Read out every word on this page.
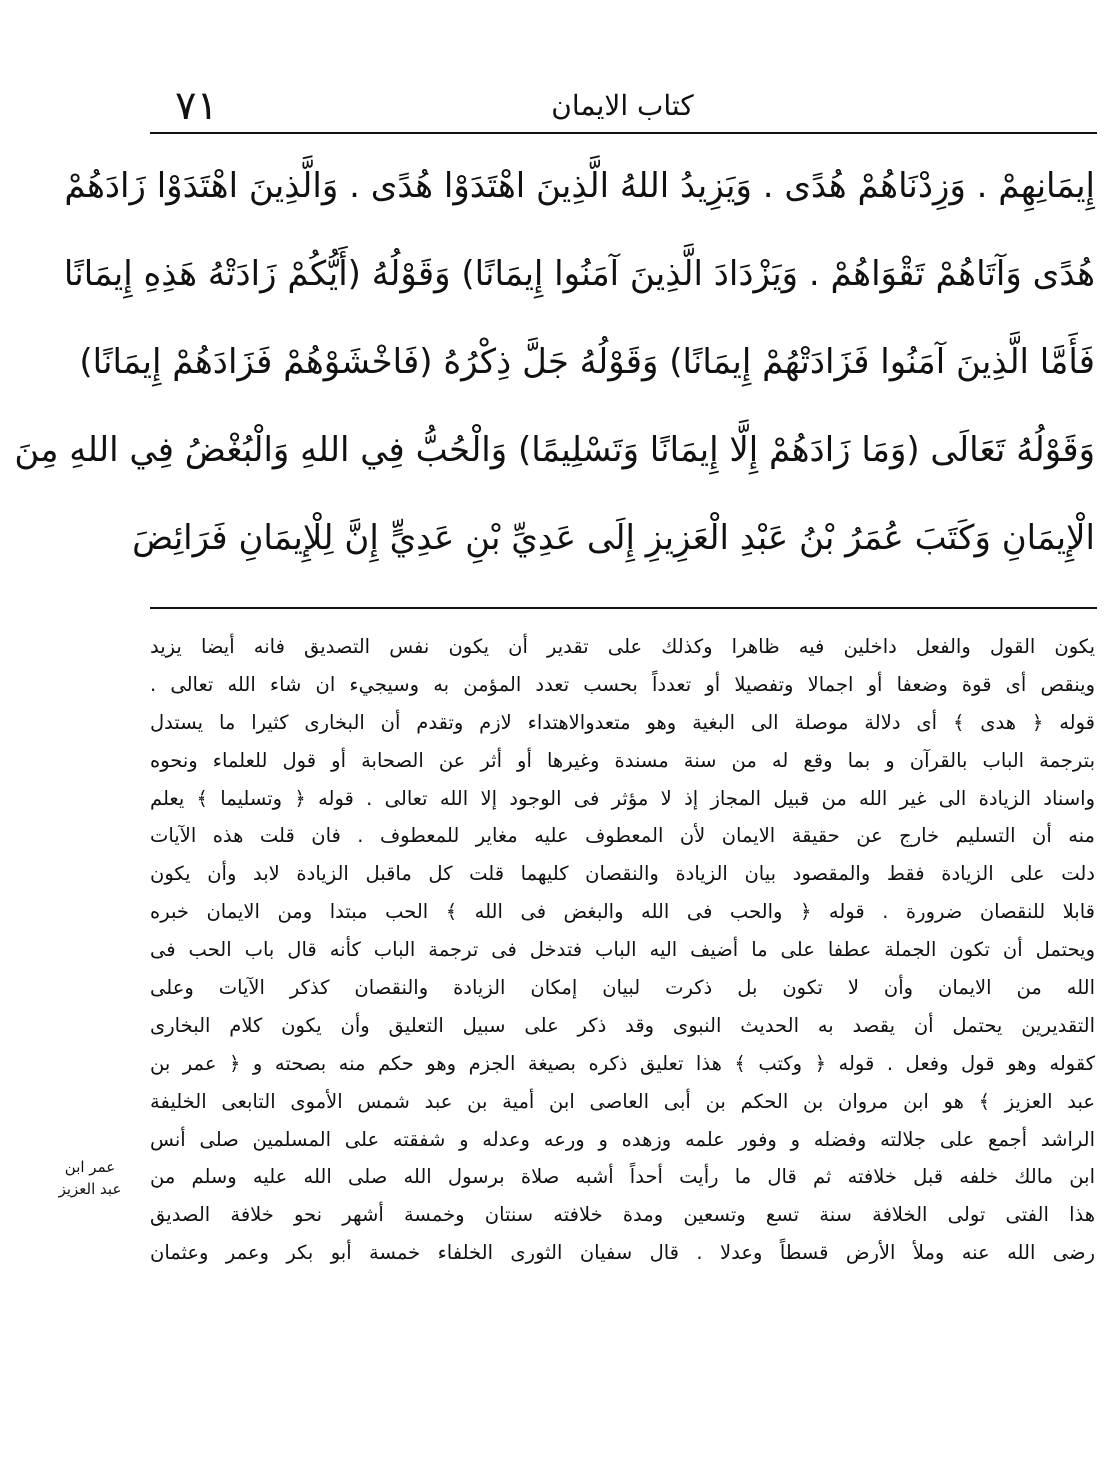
٧١	كتاب الايمان
إِيمَانِهِمْ . وَزِدْنَاهُمْ هُدًى . وَيَزِيدُ اللهُ الَّذِينَ اهْتَدَوْا هُدًى . وَالَّذِينَ اهْتَدَوْا زَادَهُمْ
هُدًى وَآتَاهُمْ تَقْوَاهُمْ . وَيَزْدَادَ الَّذِينَ آمَنُوا إِيمَانًا) وَقَوْلُهُ (أَيُّكُمْ زَادَتْهُ هَذِهِ إِيمَانًا
فَأَمَّا الَّذِينَ آمَنُوا فَزَادَتْهُمْ إِيمَانًا) وَقَوْلُهُ جَلَّ ذِكْرُهُ (فَاخْشَوْهُمْ فَزَادَهُمْ إِيمَانًا)
وَقَوْلُهُ تَعَالَى (وَمَا زَادَهُمْ إِلَّا إِيمَانًا وَتَسْلِيمًا) وَالْحُبُّ فِي اللهِ وَالْبُغْضُ فِي اللهِ مِنَ
الْإِيمَانِ وَكَتَبَ عُمَرُ بْنُ عَبْدِ الْعَزِيزِ إِلَى عَدِيِّ بْنِ عَدِيٍّ إِنَّ لِلْإِيمَانِ فَرَائِضَ
يكون القول والفعل داخلين فيه ظاهرا وكذلك على تقدير أن يكون نفس التصديق فانه أيضا يزيد
وينقص أى قوة وضعفا أو اجمالا وتفصيلا أو تعدداً بحسب تعدد المؤمن به وسيجيء ان شاء الله تعالى .
قوله ﴿ هدى ﴾ أى دلالة موصلة الى البغية وهو متعدوالاهتداء لازم وتقدم أن البخارى كثيرا ما يستدل
بترجمة الباب بالقرآن و بما وقع له من سنة مسندة وغيرها أو أثر عن الصحابة أو قول للعلماء ونحوه
واسناد الزيادة الى غير الله من قبيل المجاز إذ لا مؤثر فى الوجود إلا الله تعالى . قوله ﴿ وتسليما ﴾ يعلم
منه أن التسليم خارج عن حقيقة الايمان لأن المعطوف عليه مغاير للمعطوف . فان قلت هذه الآيات
دلت على الزيادة فقط والمقصود بيان الزيادة والنقصان كليهما قلت كل ماقبل الزيادة لابد وأن يكون
قابلا للنقصان ضرورة . قوله ﴿ والحب فى الله والبغض فى الله ﴾ الحب مبتدا ومن الايمان خبره
ويحتمل أن تكون الجملة عطفا على ما أضيف اليه الباب فتدخل فى ترجمة الباب كأنه قال باب الحب فى
الله من الايمان وأن لا تكون بل ذكرت لبيان إمكان الزيادة والنقصان كذكر الآيات وعلى
التقديرين يحتمل أن يقصد به الحديث النبوى وقد ذكر على سبيل التعليق وأن يكون كلام البخارى
كقوله وهو قول وفعل . قوله ﴿ وكتب ﴾ هذا تعليق ذكره بصيغة الجزم وهو حكم منه بصحته و ﴿ عمر بن
عبد العزيز ﴾ هو ابن مروان بن الحكم بن أبى العاصى ابن أمية بن عبد شمس الأموى التابعى الخليفة
الراشد أجمع على جلالته وفضله و وفور علمه وزهده و ورعه وعدله و شفقته على المسلمين صلى أنس
ابن مالك خلفه قبل خلافته ثم قال ما رأيت أحداً أشبه صلاة برسول الله صلى الله عليه وسلم من
هذا الفتى تولى الخلافة سنة تسع وتسعين ومدة خلافته سنتان وخمسة أشهر نحو خلافة الصديق
رضى الله عنه وملأ الأرض قسطاً وعدلا . قال سفيان الثورى الخلفاء خمسة أبو بكر وعمر وعثمان
عمر ابن
عبد العزيز
